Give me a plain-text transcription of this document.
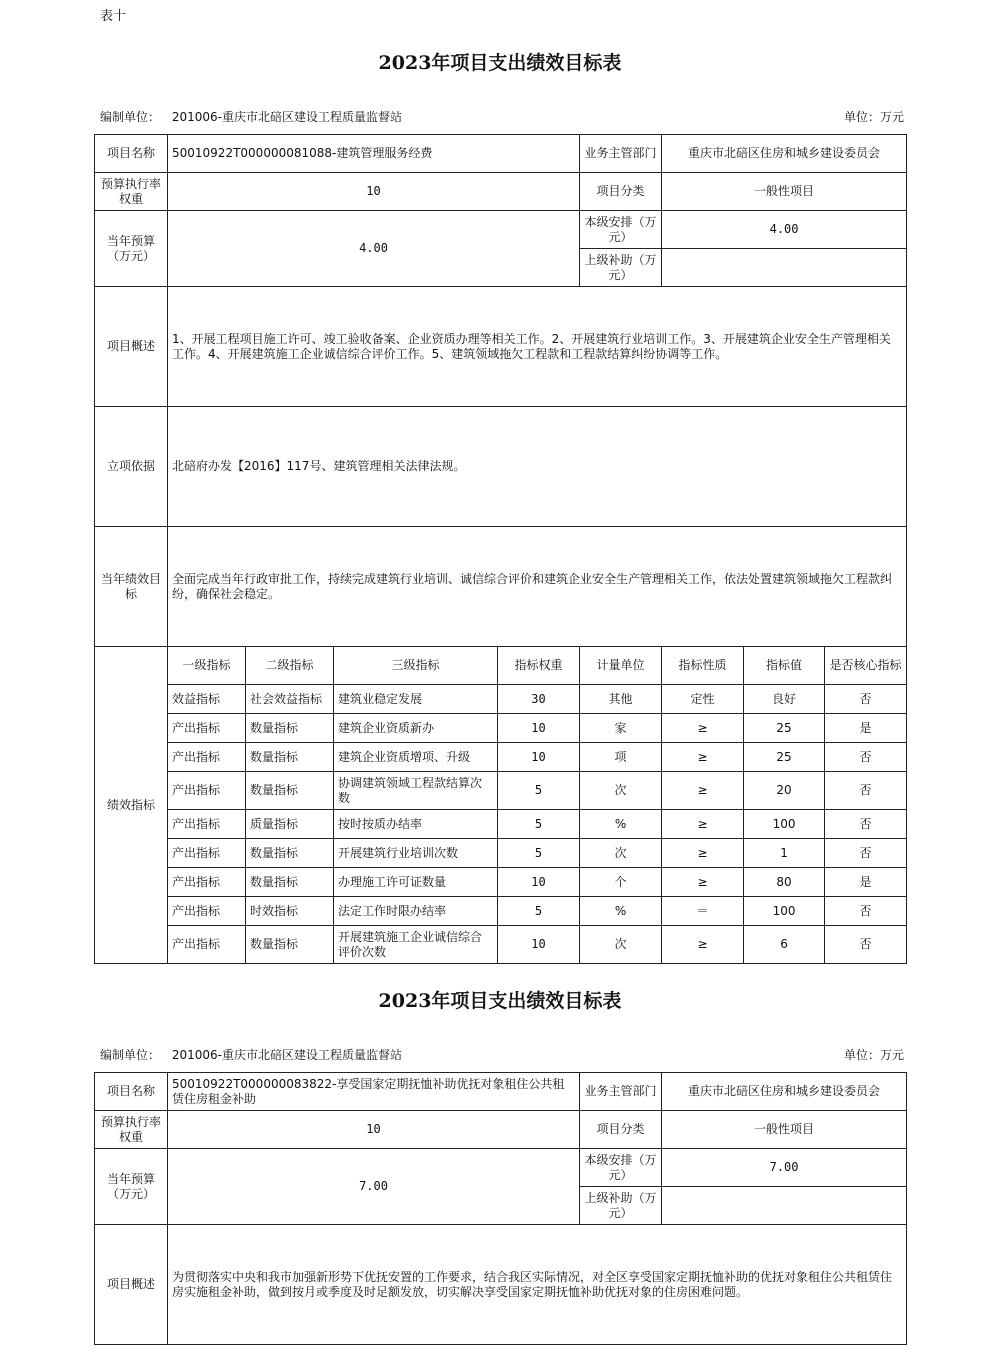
表十
2023年项目支出绩效目标表
编制单位： 201006-重庆市北碚区建设工程质量监督站	单位：万元
项目名称	50010922T000000081088-建筑管理服务经费				业务主管部门	重庆市北碚区住房和城乡建设委员会		
预算执行率权重	10				项目分类	一般性项目		
当年预算（万元）	4.00				本级安排（万元）	4.00		
					上级补助（万元）			
项目概述	1、开展工程项目施工许可、竣工验收备案、企业资质办理等相关工作。2、开展建筑行业培训工作。3、开展建筑企业安全生产管理相关工作。4、开展建筑施工企业诚信综合评价工作。5、建筑领域拖欠工程款和工程款结算纠纷协调等工作。							
立项依据	北碚府办发【2016】117号、建筑管理相关法律法规。							
当年绩效目标	全面完成当年行政审批工作，持续完成建筑行业培训、诚信综合评价和建筑企业安全生产管理相关工作，依法处置建筑领域拖欠工程款纠纷，确保社会稳定。							
绩效指标	一级指标	二级指标	三级指标	指标权重	计量单位	指标性质	指标值	是否核心指标
	效益指标	社会效益指标	建筑业稳定发展	30	其他	定性	良好	否
	产出指标	数量指标	建筑企业资质新办	10	家	≥	25	是
	产出指标	数量指标	建筑企业资质增项、升级	10	项	≥	25	否
	产出指标	数量指标	协调建筑领域工程款结算次数	5	次	≥	20	否
	产出指标	质量指标	按时按质办结率	5	%	≥	100	否
	产出指标	数量指标	开展建筑行业培训次数	5	次	≥	1	否
	产出指标	数量指标	办理施工许可证数量	10	个	≥	80	是
	产出指标	时效指标	法定工作时限办结率	5	%	＝	100	否
	产出指标	数量指标	开展建筑施工企业诚信综合评价次数	10	次	≥	6	否
2023年项目支出绩效目标表
编制单位： 201006-重庆市北碚区建设工程质量监督站	单位：万元
项目名称	50010922T000000083822-享受国家定期抚恤补助优抚对象租住公共租赁住房租金补助	业务主管部门	重庆市北碚区住房和城乡建设委员会
预算执行率权重	10	项目分类	一般性项目
当年预算（万元）	7.00	本级安排（万元）	7.00
		上级补助（万元）	
项目概述	为贯彻落实中央和我市加强新形势下优抚安置的工作要求，结合我区实际情况，对全区享受国家定期抚恤补助的优抚对象租住公共租赁住房实施租金补助，做到按月或季度及时足额发放，切实解决享受国家定期抚恤补助优抚对象的住房困难问题。		
